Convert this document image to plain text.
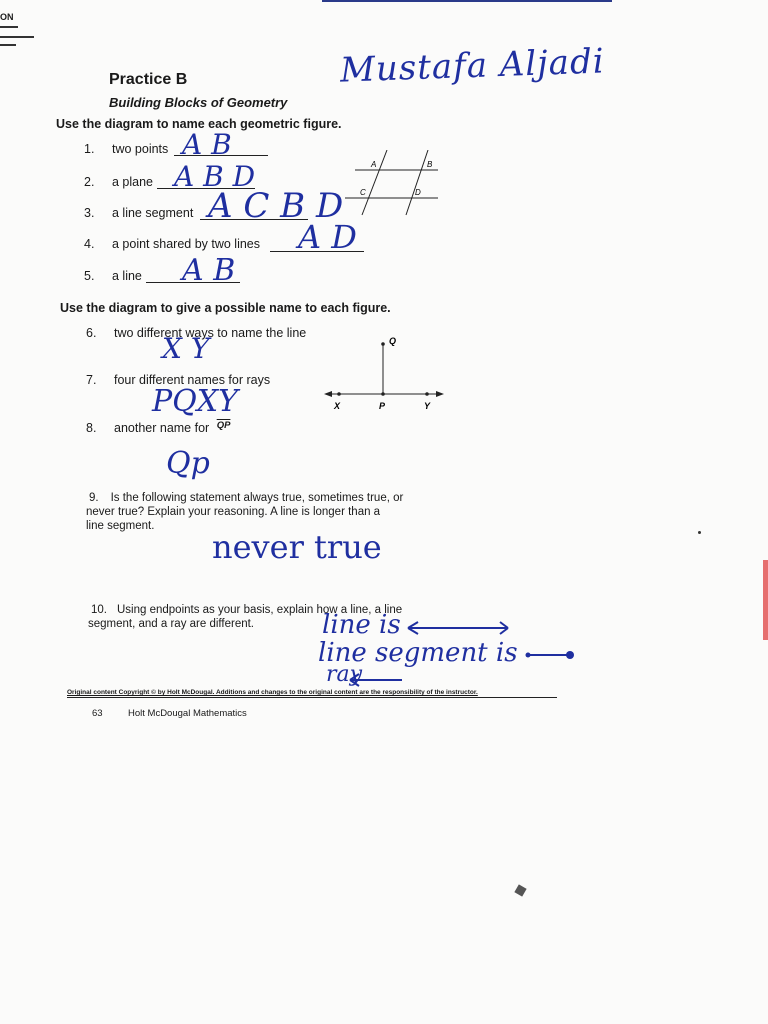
ON
Mustafa Aljadi
Practice B
Building Blocks of Geometry
Use the diagram to name each geometric figure.
1. two points A B
2. a plane A B D
3. a line segment A C B D
4. a point shared by two lines A D
5. a line A B
A	B
C	D
Use the diagram to give a possible name to each figure.
6. two different ways to name the line
X Y
7. four different names for rays
PQXY
8. another name for $^{\overline{QP}}$
Qp
Q
X	P	Y
9. Is the following statement always true, sometimes true, or
never true? Explain your reasoning. A line is longer than a
line segment.
never true
10. Using endpoints as your basis, explain how a line, a line
segment, and a ray are different.	line is
line segment is
ray
Original content Copyright © by Holt McDougal. Additions and changes to the original content are the responsibility of the instructor.
63	Holt McDougal Mathematics
